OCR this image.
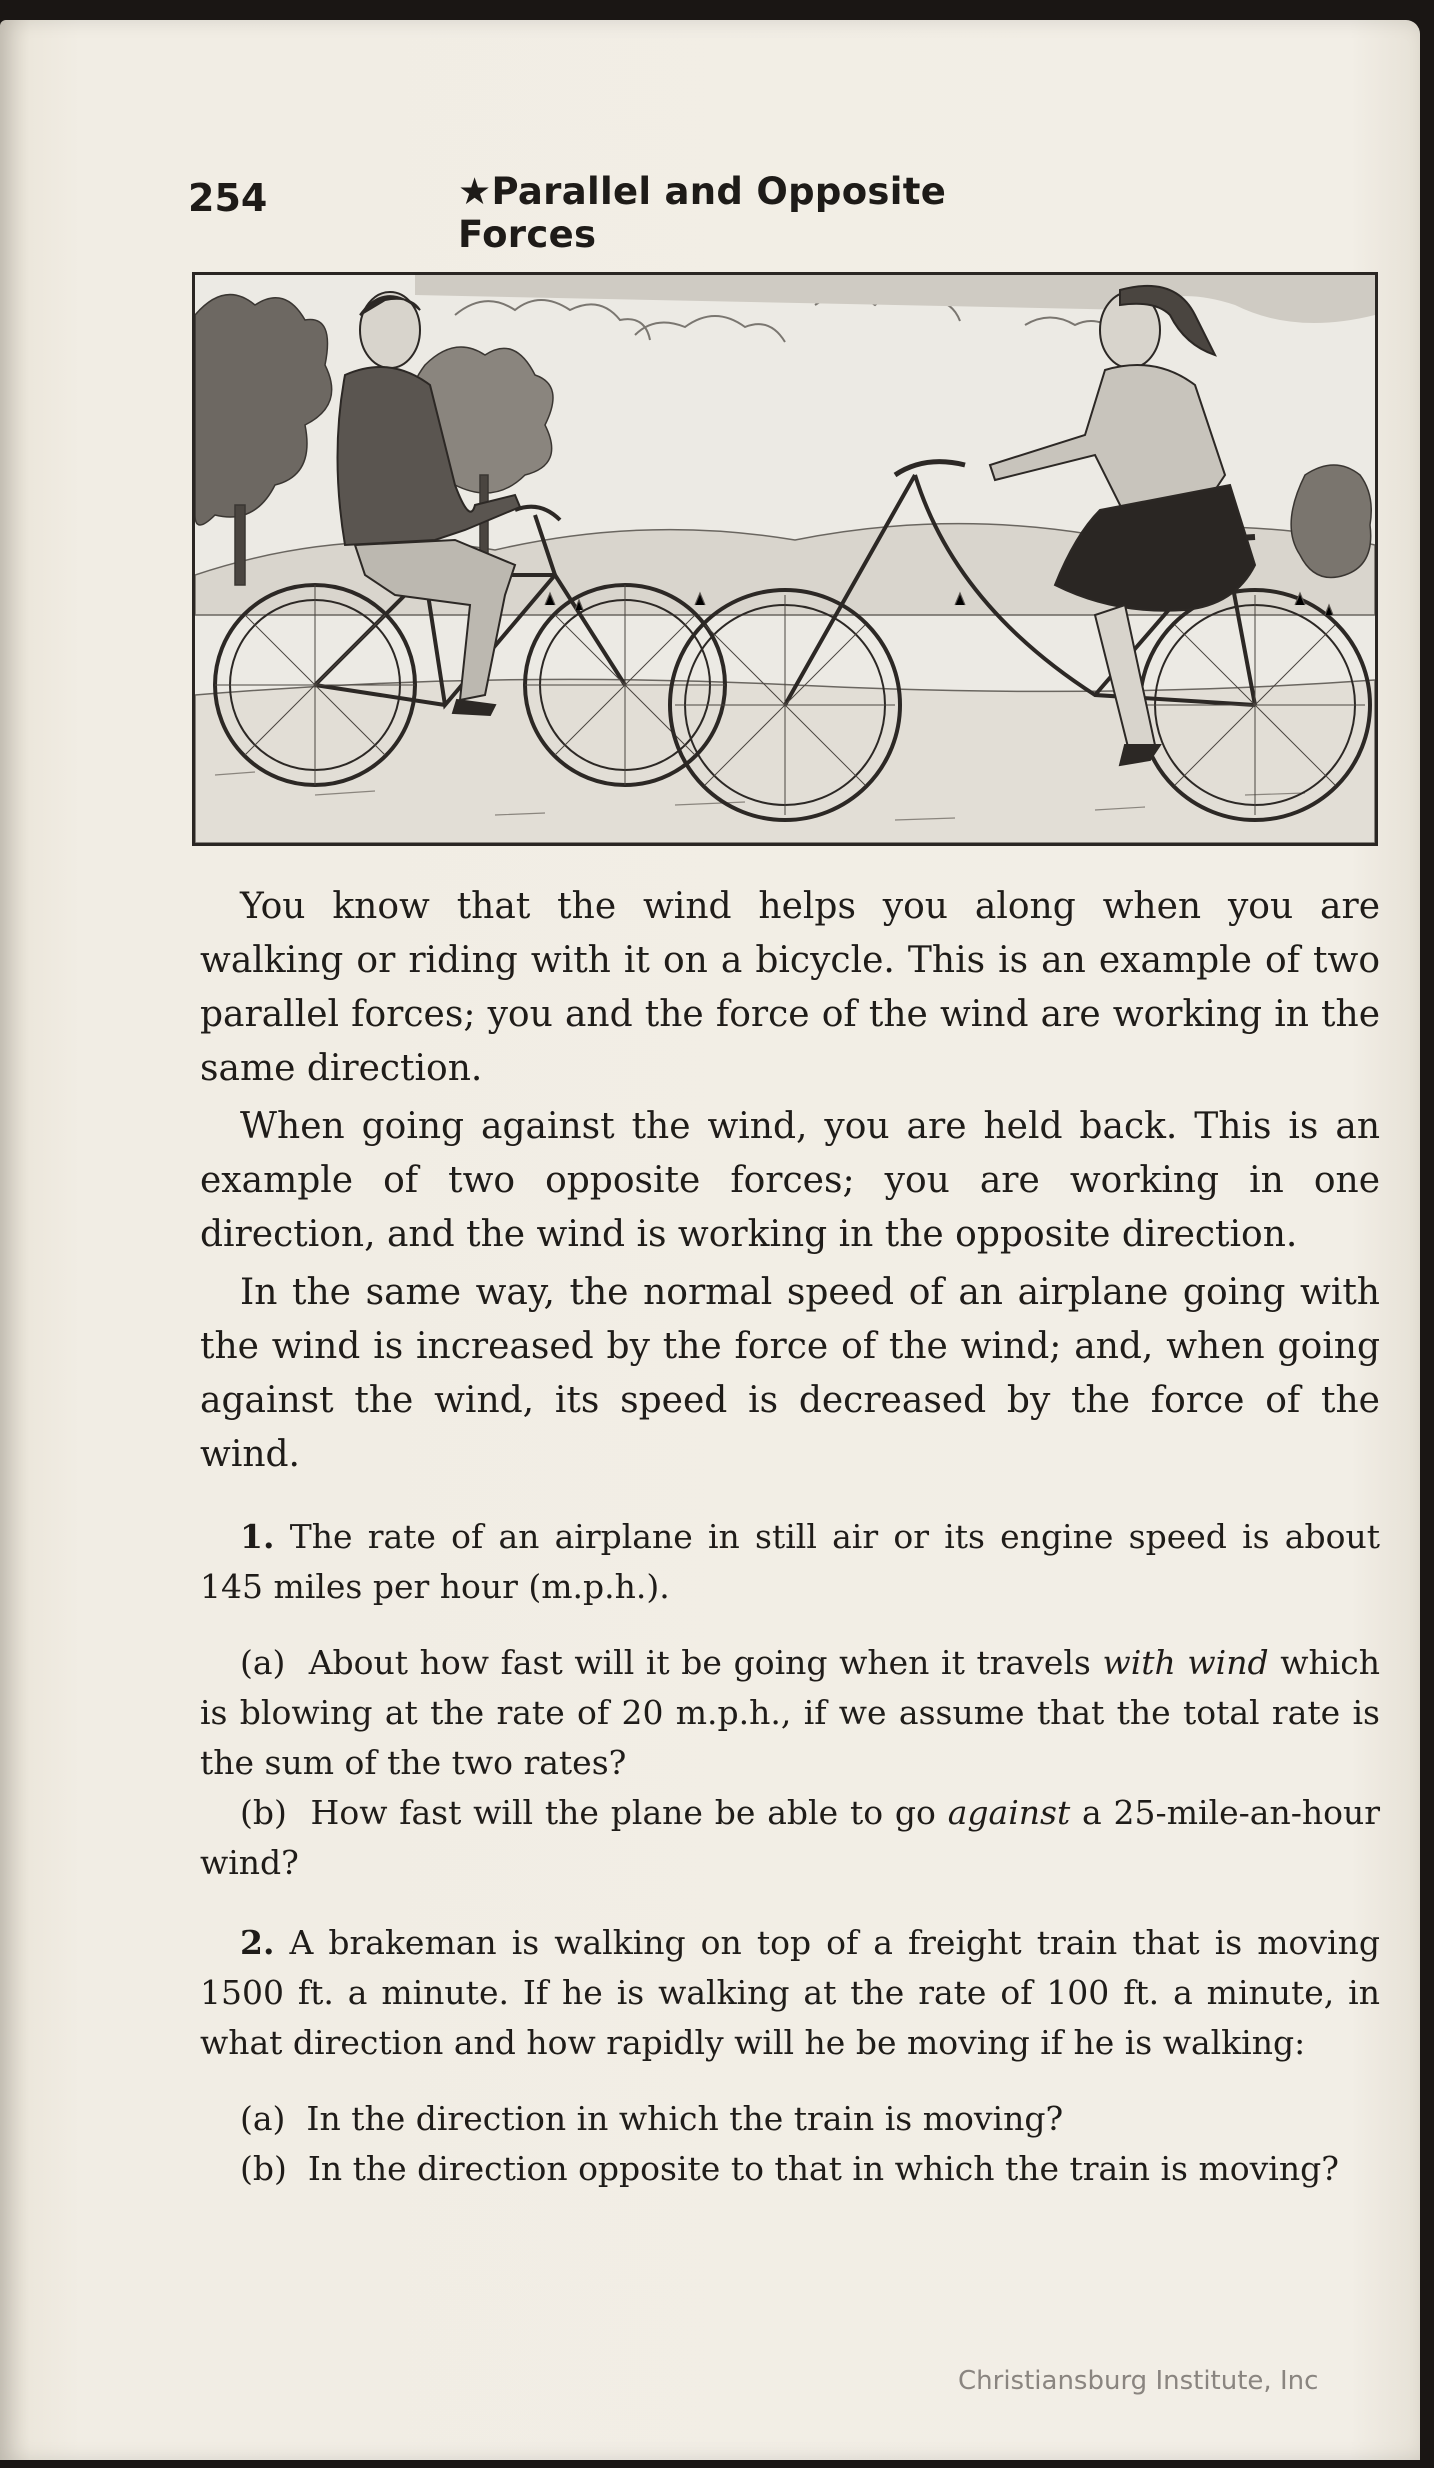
254	★Parallel and Opposite Forces

You know that the wind helps you along when you are walking or riding with it on a bicycle. This is an example of two parallel forces; you and the force of the wind are working in the same direction.

When going against the wind, you are held back. This is an example of two opposite forces; you are working in one direction, and the wind is working in the opposite direction.

In the same way, the normal speed of an airplane going with the wind is increased by the force of the wind; and, when going against the wind, its speed is decreased by the force of the wind.

1. The rate of an airplane in still air or its engine speed is about 145 miles per hour (m.p.h.).

(a) About how fast will it be going when it travels with wind which is blowing at the rate of 20 m.p.h., if we assume that the total rate is the sum of the two rates?

(b) How fast will the plane be able to go against a 25-mile-an-hour wind?

2. A brakeman is walking on top of a freight train that is moving 1500 ft. a minute. If he is walking at the rate of 100 ft. a minute, in what direction and how rapidly will he be moving if he is walking:

(a) In the direction in which the train is moving?

(b) In the direction opposite to that in which the train is moving?

Christiansburg Institute, Inc
